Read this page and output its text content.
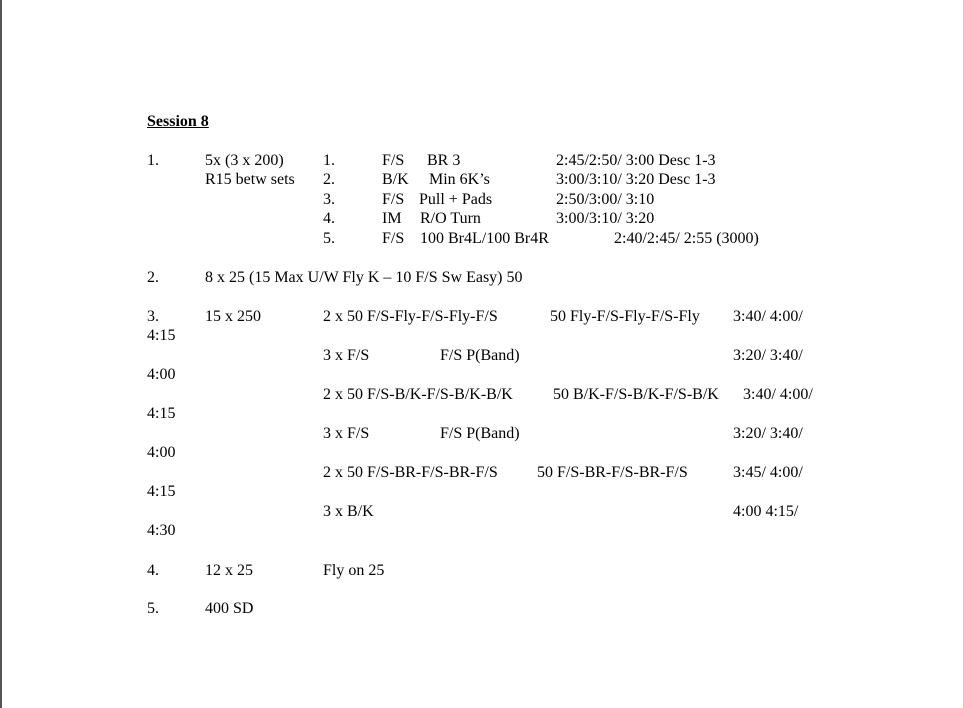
Session 8
1.	5x (3 x 200)
R15 betw sets
1.	F/S BR 3	2:45/2:50/ 3:00 Desc 1-3
2.	B/K Min 6K’s	3:00/3:10/ 3:20 Desc 1-3
3.	F/S Pull + Pads	2:50/3:00/ 3:10
4.	IM R/O Turn	3:00/3:10/ 3:20
5.	F/S 100 Br4L/100 Br4R	2:40/2:45/ 2:55 (3000)
2.	8 x 25 (15 Max U/W Fly K – 10 F/S Sw Easy) 50
3.	15 x 250	2 x 50 F/S-Fly-F/S-Fly-F/S	50 Fly-F/S-Fly-F/S-Fly 3:40/ 4:00/
4:15
3 x F/S	F/S P(Band)	3:20/ 3:40/
4:00
2 x 50 F/S-B/K-F/S-B/K-B/K	50 B/K-F/S-B/K-F/S-B/K 3:40/ 4:00/
4:15
3 x F/S	F/S P(Band)	3:20/ 3:40/
4:00
2 x 50 F/S-BR-F/S-BR-F/S 50 F/S-BR-F/S-BR-F/S	3:45/ 4:00/
4:15
3 x B/K	4:00 4:15/
4:30
4.	12 x 25	Fly on 25
5.	400 SD
